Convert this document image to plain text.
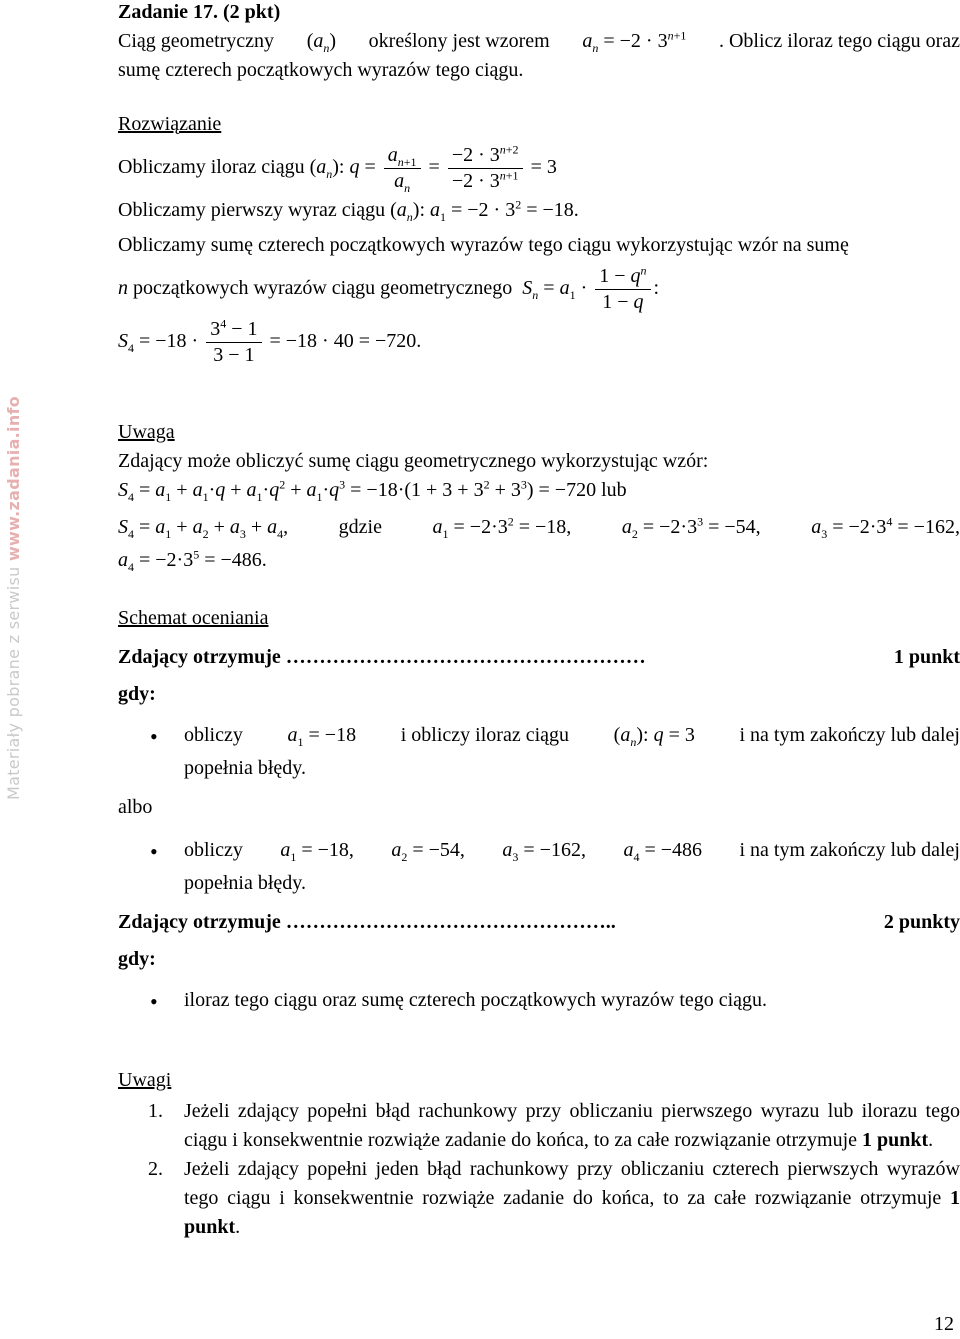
Materiały pobrane z serwisu www.zadania.info
Zadanie 17. (2 pkt)
Ciąg geometryczny $(a_n)$ określony jest wzorem $a_n = -2 \cdot 3^{n+1}$ . Oblicz iloraz tego ciągu oraz
sumę czterech początkowych wyrazów tego ciągu.
Rozwiązanie
Obliczamy iloraz ciągu $(a_n)$: $q = \frac{a_{n+1}}{a_n} = \frac{-2 \cdot 3^{n+2}}{-2 \cdot 3^{n+1}} = 3$
Obliczamy pierwszy wyraz ciągu $(a_n)$: $a_1 = -2 \cdot 3^2 = -18$.
Obliczamy sumę czterech początkowych wyrazów tego ciągu wykorzystując wzór na sumę
n początkowych wyrazów ciągu geometrycznego $S_n = a_1 \cdot \frac{1 - q^n}{1 - q}$ :
$S_4 = -18 \cdot \frac{3^4 - 1}{3 - 1} = -18 \cdot 40 = -720$.
Uwaga
Zdający może obliczyć sumę ciągu geometrycznego wykorzystując wzór:
$S_4 = a_1 + a_1\cdot q + a_1\cdot q^2 + a_1\cdot q^3 = -18\cdot(1 + 3 + 3^2 + 3^3) = -720$ lub
$S_4 = a_1 + a_2 + a_3 + a_4$,	gdzie	$a_1 = -2\cdot 3^2 = -18$,	$a_2 = -2\cdot 3^3 = -54$,	$a_3 = -2\cdot 3^4 = -162$,
$a_4 = -2\cdot 3^5 = -486$.
Schemat oceniania
Zdający otrzymuje ………………………………………………	1 punkt
gdy:
• obliczy $a_1 = -18$ i obliczy iloraz ciągu $(a_n)$: q = 3 i na tym zakończy lub dalej
popełnia błędy.
albo
• obliczy $a_1 = -18$, $a_2 = -54$, $a_3 = -162$, $a_4 = -486$ i na tym zakończy lub dalej
popełnia błędy.
Zdający otrzymuje …………………………………………..	2 punkty
gdy:
• iloraz tego ciągu oraz sumę czterech początkowych wyrazów tego ciągu.
Uwagi
1. Jeżeli zdający popełni błąd rachunkowy przy obliczaniu pierwszego wyrazu lub ilorazu tego ciągu i konsekwentnie rozwiąże zadanie do końca, to za całe rozwiązanie otrzymuje 1 punkt.
2. Jeżeli zdający popełni jeden błąd rachunkowy przy obliczaniu czterech pierwszych wyrazów tego ciągu i konsekwentnie rozwiąże zadanie do końca, to za całe rozwiązanie otrzymuje 1 punkt.
12
